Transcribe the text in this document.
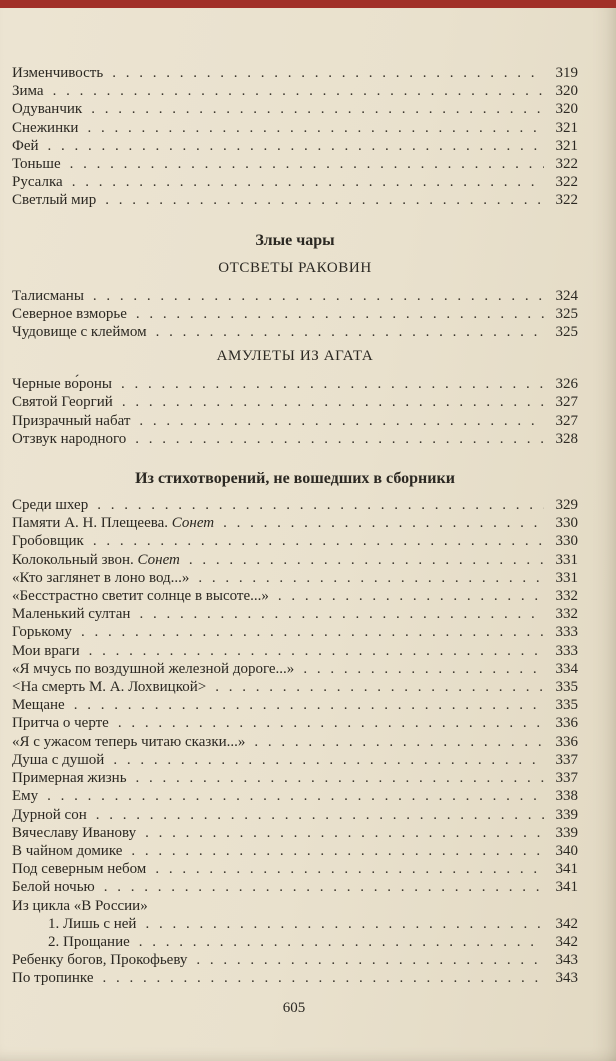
Изменчивость . . .	319
Зима . . .	320
Одуванчик . . .	320
Снежинки . . .	321
Фей . . .	321
Тоньше . . .	322
Русалка . . .	322
Светлый мир . . .	322
Злые чары
ОТСВЕТЫ РАКОВИН
Талисманы . . .	324
Северное взморье . . .	325
Чудовище с клеймом . . .	325
АМУЛЕТЫ ИЗ АГАТА
Черные во́роны . . .	326
Святой Георгий . . .	327
Призрачный набат . . .	327
Отзвук народного . . .	328
Из стихотворений, не вошедших в сборники
Среди шхер . . .	329
Памяти А. Н. Плещеева. Сонет . . .	330
Гробовщик . . .	330
Колокольный звон. Сонет . . .	331
«Кто заглянет в лоно вод...» . . .	331
«Бесстрастно светит солнце в высоте...» . . .	332
Маленький султан . . .	332
Горькому . . .	333
Мои враги . . .	333
«Я мчусь по воздушной железной дороге...» . . .	334
<На смерть М. А. Лохвицкой> . . .	335
Мещане . . .	335
Притча о черте . . .	336
«Я с ужасом теперь читаю сказки...» . . .	336
Душа с душой . . .	337
Примерная жизнь . . .	337
Ему . . .	338
Дурной сон . . .	339
Вячеславу Иванову . . .	339
В чайном домике . . .	340
Под северным небом . . .	341
Белой ночью . . .	341
Из цикла «В России»
1. Лишь с ней . . .	342
2. Прощание . . .	342
Ребенку богов, Прокофьеву . . .	343
По тропинке . . .	343
605
